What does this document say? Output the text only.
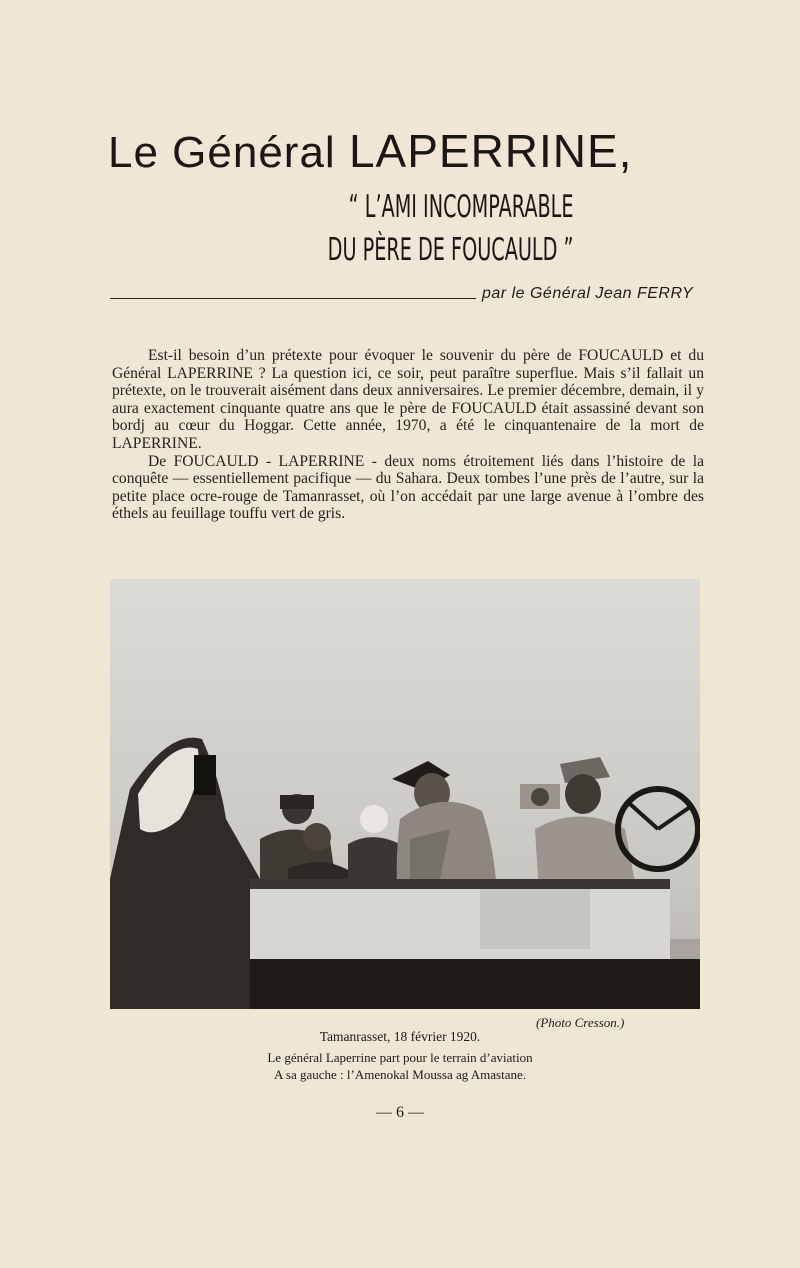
Le Général LAPERRINE,
“ L’AMI INCOMPARABLE
DU PÈRE DE FOUCAULD ”
par le Général Jean FERRY

Est-il besoin d’un prétexte pour évoquer le souvenir du père de FOUCAULD et du Général LAPERRINE ? La question ici, ce soir, peut paraître superflue. Mais s’il fallait un prétexte, on le trouverait aisément dans deux anniversaires. Le premier décembre, demain, il y aura exactement cinquante quatre ans que le père de FOUCAULD était assassiné devant son bordj au cœur du Hoggar. Cette année, 1970, a été le cinquantenaire de la mort de LAPERRINE.

De FOUCAULD - LAPERRINE - deux noms étroitement liés dans l’histoire de la conquête — essentiellement pacifique — du Sahara. Deux tombes l’une près de l’autre, sur la petite place ocre-rouge de Tamanrasset, où l’on accédait par une large avenue à l’ombre des éthels au feuillage touffu vert de gris.

(Photo Cresson.)
Tamanrasset, 18 février 1920.
Le général Laperrine part pour le terrain d’aviation
A sa gauche : l’Amenokal Moussa ag Amastane.
— 6 —
